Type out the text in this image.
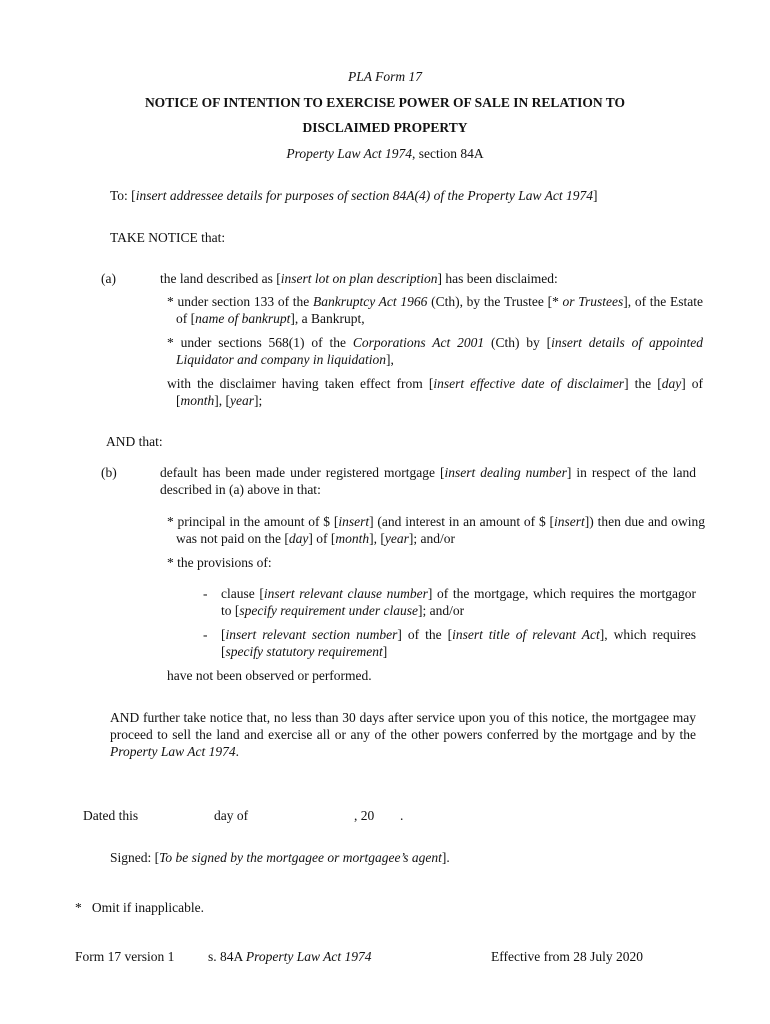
PLA Form 17
NOTICE OF INTENTION TO EXERCISE POWER OF SALE IN RELATION TO
DISCLAIMED PROPERTY
Property Law Act 1974, section 84A
To: [insert addressee details for purposes of section 84A(4) of the Property Law Act 1974]
TAKE NOTICE that:
(a)	the land described as [insert lot on plan description] has been disclaimed:
* under section 133 of the Bankruptcy Act 1966 (Cth), by the Trustee [* or Trustees], of the Estate of [name of bankrupt], a Bankrupt,
* under sections 568(1) of the Corporations Act 2001 (Cth) by [insert details of appointed Liquidator and company in liquidation],
with the disclaimer having taken effect from [insert effective date of disclaimer] the [day] of [month], [year];
AND that:
(b)	default has been made under registered mortgage [insert dealing number] in respect of the land described in (a) above in that:
* principal in the amount of $ [insert] (and interest in an amount of $ [insert]) then due and owing was not paid on the [day] of [month], [year]; and/or
* the provisions of:
- clause [insert relevant clause number] of the mortgage, which requires the mortgagor to [specify requirement under clause]; and/or
- [insert relevant section number] of the [insert title of relevant Act], which requires [specify statutory requirement]
have not been observed or performed.
AND further take notice that, no less than 30 days after service upon you of this notice, the mortgagee may proceed to sell the land and exercise all or any of the other powers conferred by the mortgage and by the Property Law Act 1974.
Dated this	day of	, 20 .
Signed: [To be signed by the mortgagee or mortgagee’s agent].
*   Omit if inapplicable.
Form 17 version 1 s. 84A Property Law Act 1974	Effective from 28 July 2020
